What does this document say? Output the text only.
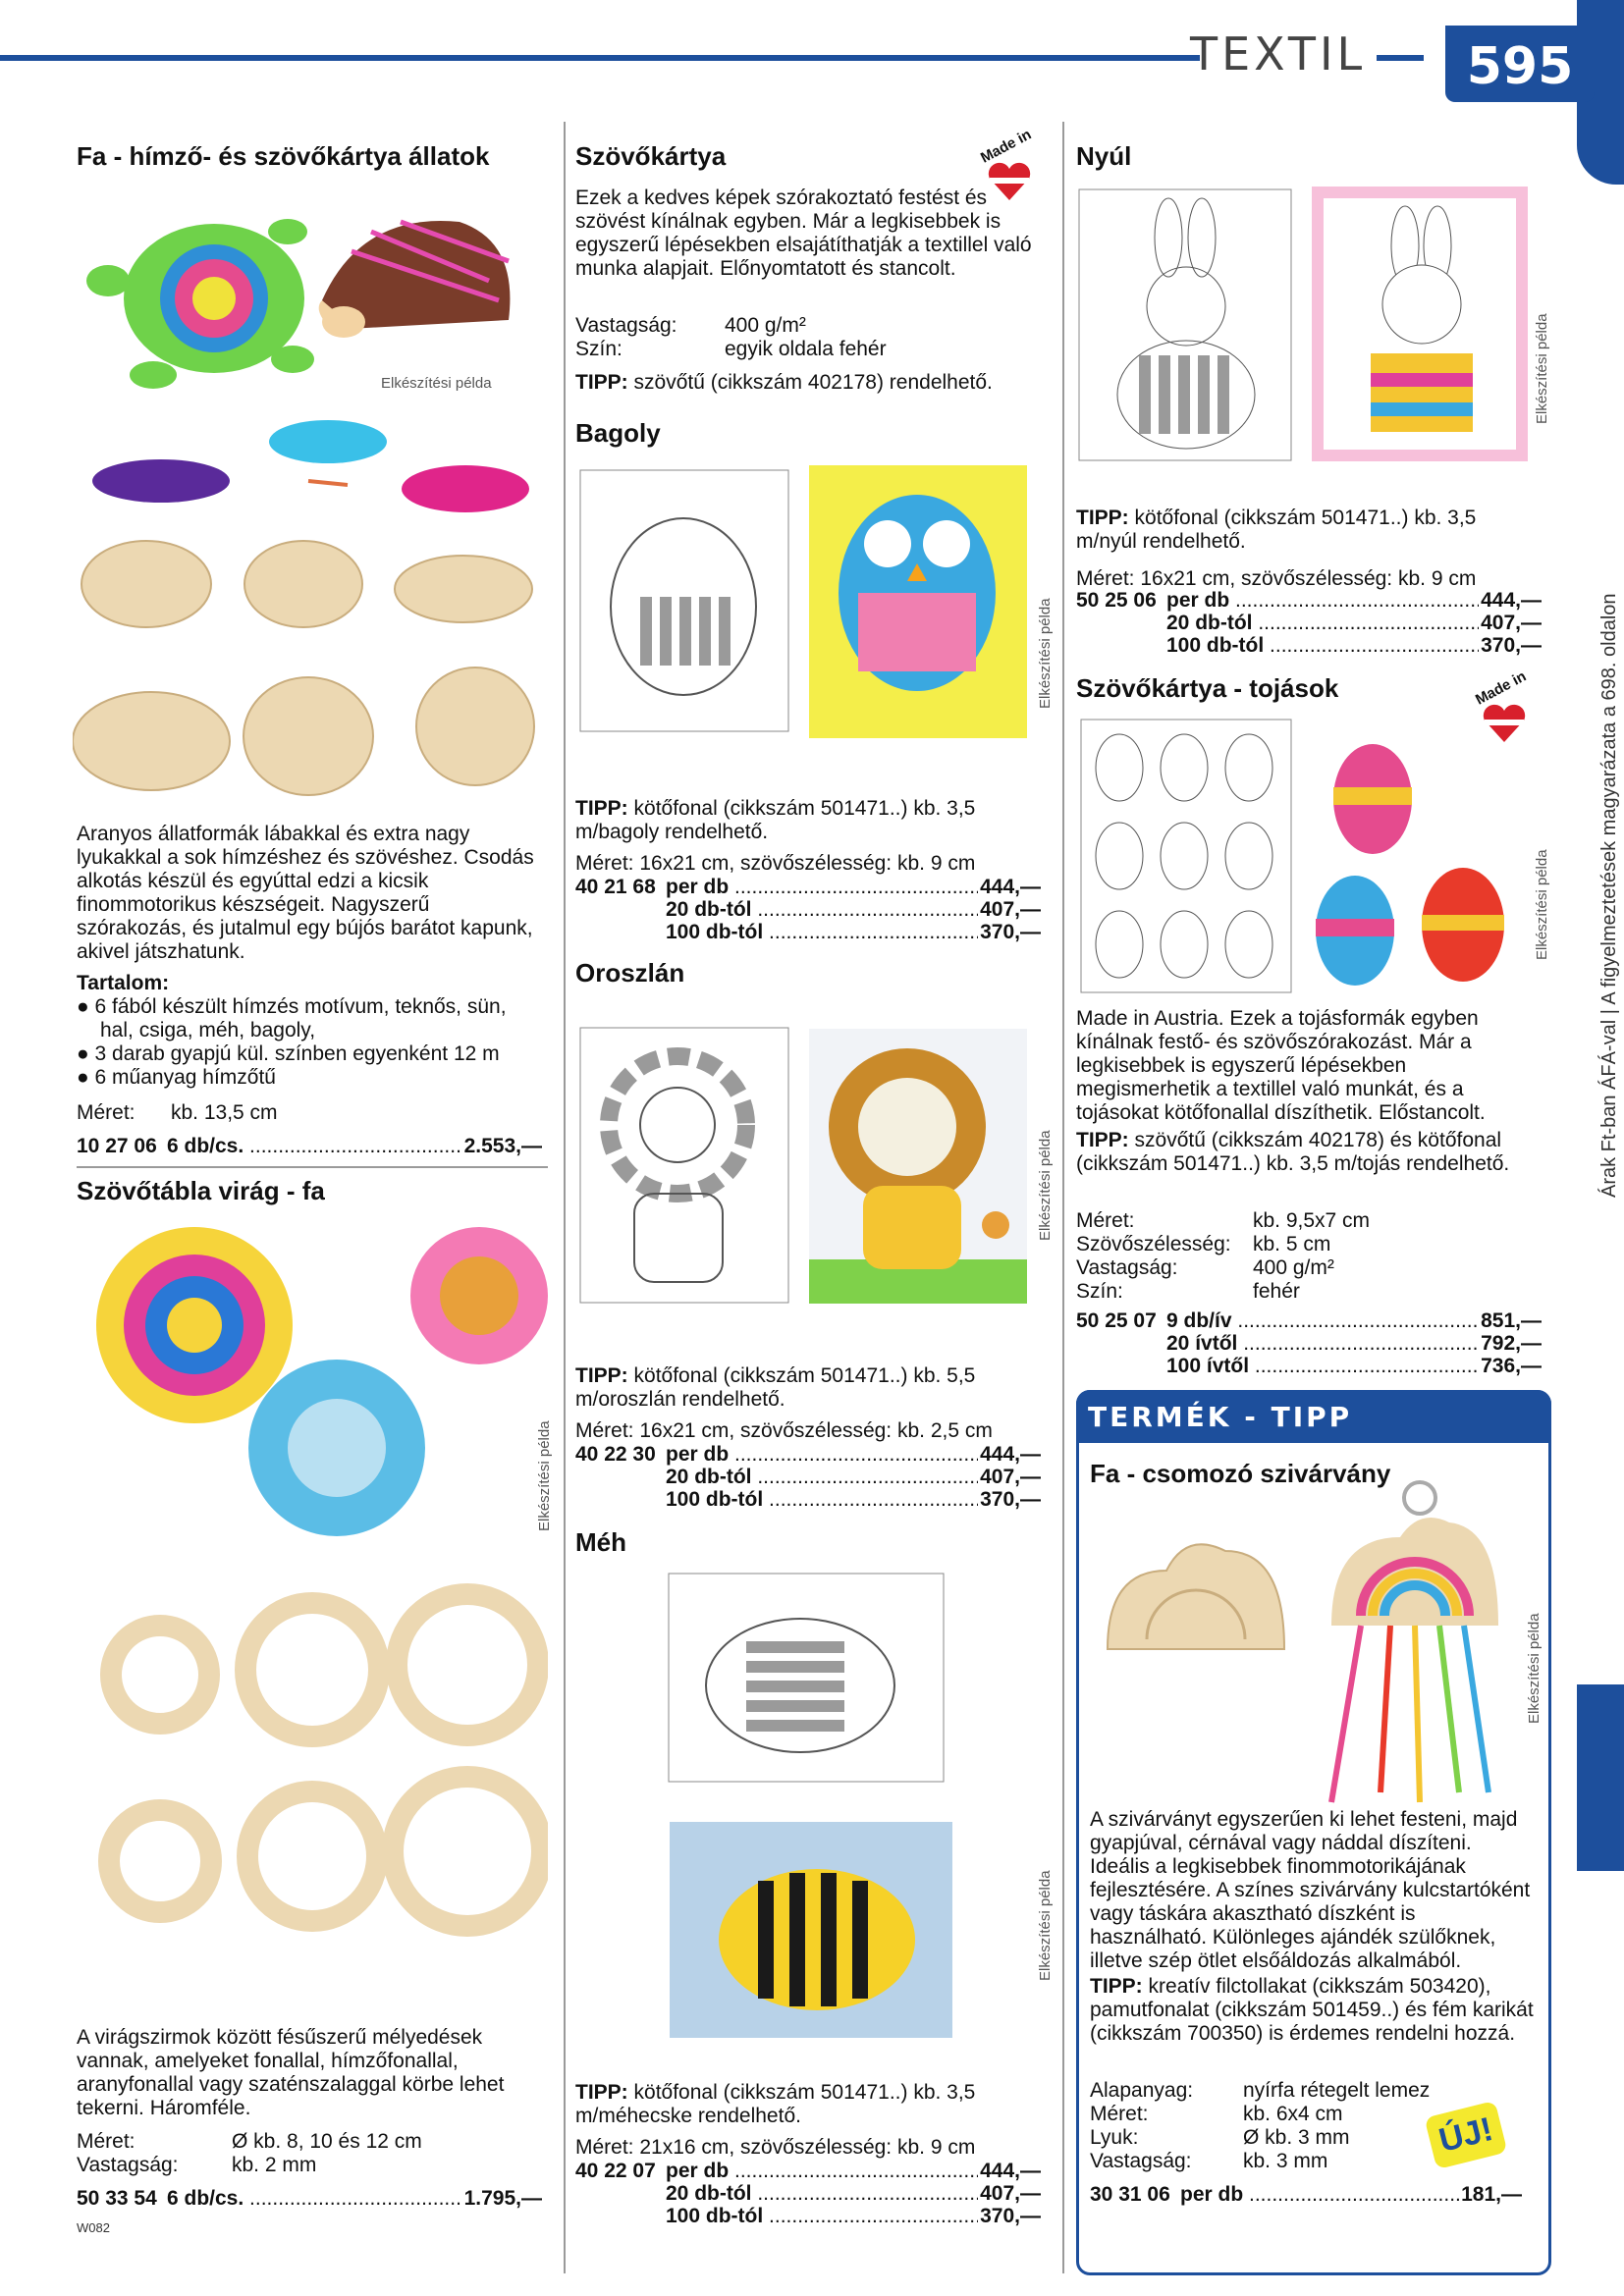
TEXTIL	595
Árak Ft-ban ÁFÁ-val | A figyelmeztetések magyarázata a 698. oldalon
Fa - hímző- és szövőkártya állatok
Elkészítési példa
Aranyos állatformák lábakkal és extra nagy lyukakkal a sok hímzéshez és szövéshez. Csodás alkotás készül és egyúttal edzi a kicsik finommotorikus készségeit. Nagyszerű szórakozás, és jutalmul egy bújós barátot kapunk, akivel játszhatunk.
Tartalom:
● 6 fából készült hímzés motívum, teknős, sün, hal, csiga, méh, bagoly,
● 3 darab gyapjú kül. színben egyenként 12 m
● 6 műanyag hímzőtű
Méret: kb. 13,5 cm
10 27 06 6 db/cs. .....	2.553,—
Szövőtábla virág - fa
Elkészítési példa
A virágszirmok között fésűszerű mélyedések vannak, amelyeket fonallal, hímzőfonallal, aranyfonallal vagy szaténszalaggal körbe lehet tekerni. Háromféle.
Méret:	Ø kb. 8, 10 és 12 cm
Vastagság:	kb. 2 mm
50 33 54 6 db/cs. .....	1.795,—
W082
Szövőkártya	Made in
Ezek a kedves képek szórakoztató festést és szövést kínálnak egyben. Már a legkisebbek is egyszerű lépésekben elsajátíthatják a textillel való munka alapjait. Előnyomtatott és stancolt.
Vastagság:	400 g/m²
Szín:	egyik oldala fehér
TIPP: szövőtű (cikkszám 402178) rendelhető.
Bagoly
Elkészítési példa
TIPP: kötőfonal (cikkszám 501471..) kb. 3,5 m/bagoly rendelhető.
Méret: 16x21 cm, szövőszélesség: kb. 9 cm
40 21 68 per db .....	444,—
20 db-tól .....	407,—
100 db-tól .....	370,—
Oroszlán
Elkészítési példa
TIPP: kötőfonal (cikkszám 501471..) kb. 5,5 m/oroszlán rendelhető.
Méret: 16x21 cm, szövőszélesség: kb. 2,5 cm
40 22 30 per db .....	444,—
20 db-tól .....	407,—
100 db-tól .....	370,—
Méh
Elkészítési példa
TIPP: kötőfonal (cikkszám 501471..) kb. 3,5 m/méhecske rendelhető.
Méret: 21x16 cm, szövőszélesség: kb. 9 cm
40 22 07 per db .....	444,—
20 db-tól .....	407,—
100 db-tól .....	370,—
Nyúl
Elkészítési példa
TIPP: kötőfonal (cikkszám 501471..) kb. 3,5 m/nyúl rendelhető.
Méret: 16x21 cm, szövőszélesség: kb. 9 cm
50 25 06 per db .....	444,—
20 db-tól .....	407,—
100 db-tól .....	370,—
Szövőkártya - tojások	Made in
Elkészítési példa
Made in Austria. Ezek a tojásformák egyben kínálnak festő- és szövőszórakozást. Már a legkisebbek is egyszerű lépésekben megismerhetik a textillel való munkát, és a tojásokat kötőfonallal díszíthetik. Előstancolt.
TIPP: szövőtű (cikkszám 402178) és kötőfonal (cikkszám 501471..) kb. 3,5 m/tojás rendelhető.
Méret:	kb. 9,5x7 cm
Szövőszélesség:	kb. 5 cm
Vastagság:	400 g/m²
Szín:	fehér
50 25 07 9 db/ív .....	851,—
20 ívtől .....	792,—
100 ívtől .....	736,—
TERMÉK - TIPP
Fa - csomozó szivárvány
Elkészítési példa
A szivárványt egyszerűen ki lehet festeni, majd gyapjúval, cérnával vagy náddal díszíteni. Ideális a legkisebbek finommotorikájának fejlesztésére. A színes szivárvány kulcstartóként vagy táskára akasztható díszként is használható. Különleges ajándék szülőknek, illetve szép ötlet elsőáldozás alkalmából.
TIPP: kreatív filctollakat (cikkszám 503420), pamutfonalat (cikkszám 501459..) és fém karikát (cikkszám 700350) is érdemes rendelni hozzá.
Alapanyag:	nyírfa rétegelt lemez
Méret:	kb. 6x4 cm
Lyuk:	Ø kb. 3 mm
Vastagság:	kb. 3 mm
ÚJ!
30 31 06 per db .....	181,—
